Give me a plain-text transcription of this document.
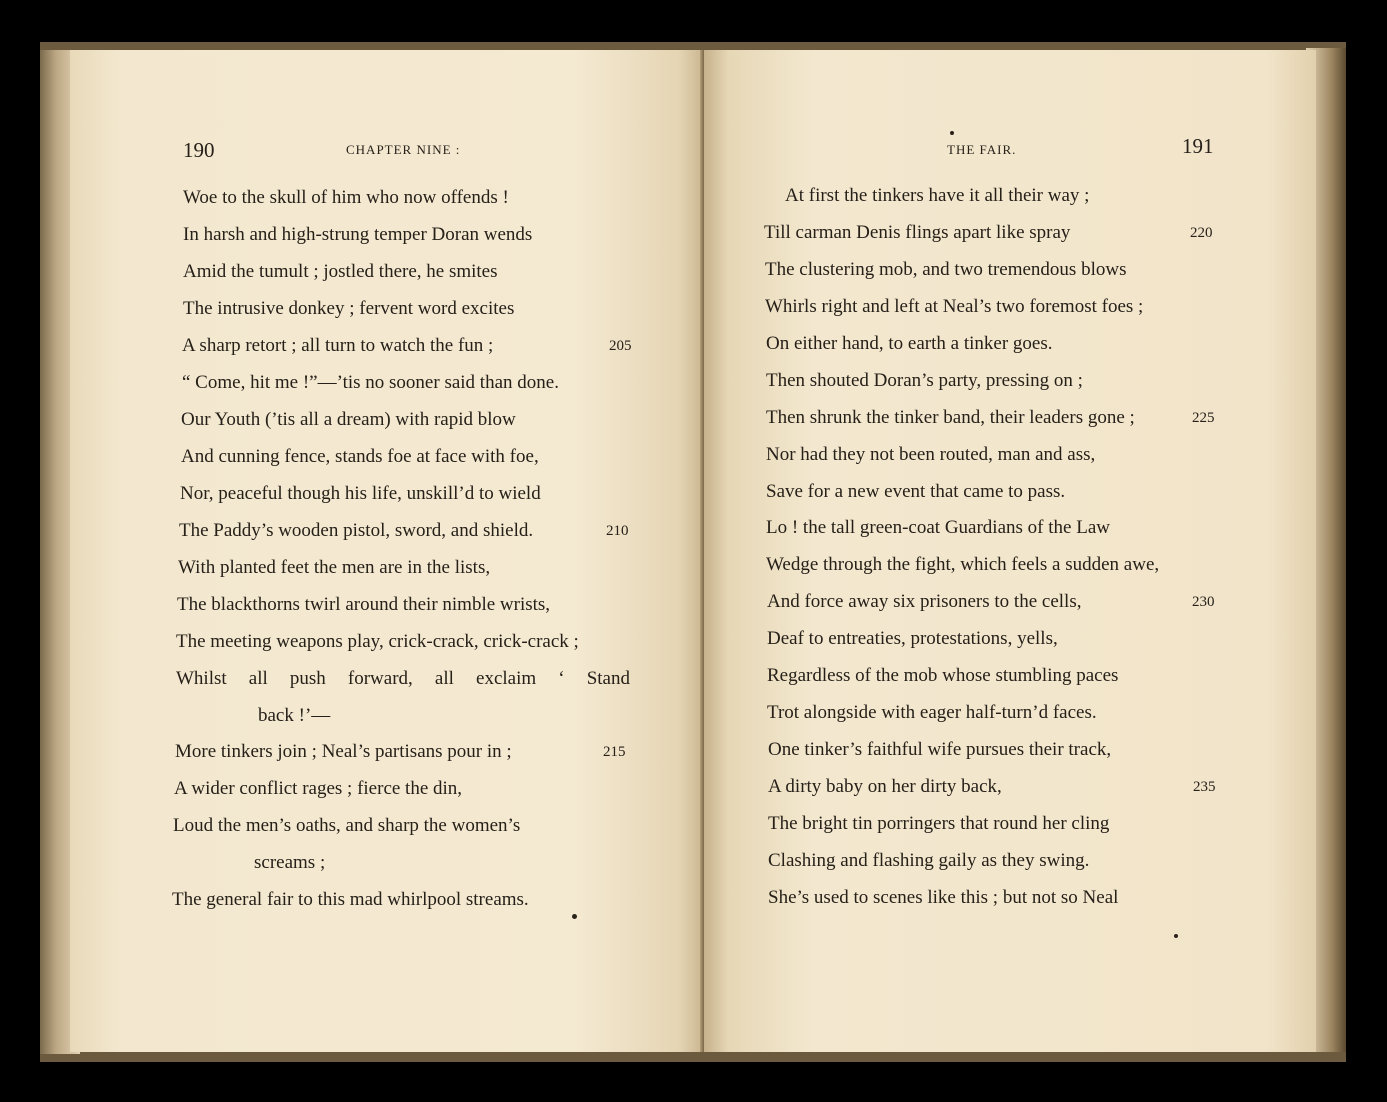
190	CHAPTER NINE :
Woe to the skull of him who now offends !
In harsh and high-strung temper Doran wends
Amid the tumult ; jostled there, he smites
The intrusive donkey ; fervent word excites
A sharp retort ; all turn to watch the fun ;	205
“ Come, hit me !”—’tis no sooner said than done.
Our Youth (’tis all a dream) with rapid blow
And cunning fence, stands foe at face with foe,
Nor, peaceful though his life, unskill’d to wield
The Paddy’s wooden pistol, sword, and shield.	210
With planted feet the men are in the lists,
The blackthorns twirl around their nimble wrists,
The meeting weapons play, crick-crack, crick-crack ;
Whilst all push forward, all exclaim ‘ Stand
back !’—
More tinkers join ; Neal’s partisans pour in ;	215
A wider conflict rages ; fierce the din,
Loud the men’s oaths, and sharp the women’s
screams ;
The general fair to this mad whirlpool streams.
THE FAIR.	191
At first the tinkers have it all their way ;
Till carman Denis flings apart like spray	220
The clustering mob, and two tremendous blows
Whirls right and left at Neal’s two foremost foes ;
On either hand, to earth a tinker goes.
Then shouted Doran’s party, pressing on ;
Then shrunk the tinker band, their leaders gone ;	225
Nor had they not been routed, man and ass,
Save for a new event that came to pass.
Lo ! the tall green-coat Guardians of the Law
Wedge through the fight, which feels a sudden awe,
And force away six prisoners to the cells,	230
Deaf to entreaties, protestations, yells,
Regardless of the mob whose stumbling paces
Trot alongside with eager half-turn’d faces.
One tinker’s faithful wife pursues their track,
A dirty baby on her dirty back,	235
The bright tin porringers that round her cling
Clashing and flashing gaily as they swing.
She’s used to scenes like this ; but not so Neal
